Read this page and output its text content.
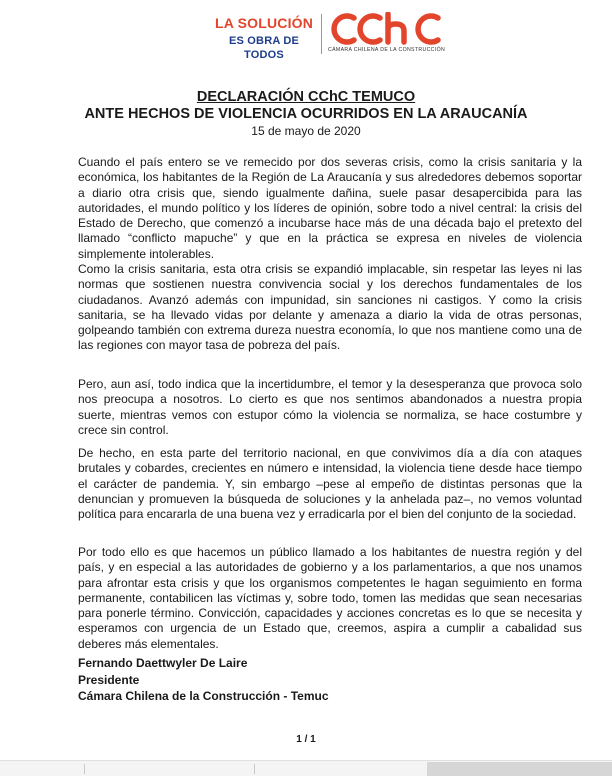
LA SOLUCIÓN
ES OBRA DE TODOS	CÁMARA CHILENA DE LA CONSTRUCCIÓN
DECLARACIÓN CChC TEMUCO
ANTE HECHOS DE VIOLENCIA OCURRIDOS EN LA ARAUCANÍA
15 de mayo de 2020
Cuando el país entero se ve remecido por dos severas crisis, como la crisis sanitaria y la económica, los habitantes de la Región de La Araucanía y sus alrededores debemos soportar a diario otra crisis que, siendo igualmente dañina, suele pasar desapercibida para las autoridades, el mundo político y los líderes de opinión, sobre todo a nivel central: la crisis del Estado de Derecho, que comenzó a incubarse hace más de una década bajo el pretexto del llamado “conflicto mapuche” y que en la práctica se expresa en niveles de violencia simplemente intolerables.
Como la crisis sanitaria, esta otra crisis se expandió implacable, sin respetar las leyes ni las normas que sostienen nuestra convivencia social y los derechos fundamentales de los ciudadanos. Avanzó además con impunidad, sin sanciones ni castigos. Y como la crisis sanitaria, se ha llevado vidas por delante y amenaza a diario la vida de otras personas, golpeando también con extrema dureza nuestra economía, lo que nos mantiene como una de las regiones con mayor tasa de pobreza del país.
Pero, aun así, todo indica que la incertidumbre, el temor y la desesperanza que provoca solo nos preocupa a nosotros. Lo cierto es que nos sentimos abandonados a nuestra propia suerte, mientras vemos con estupor cómo la violencia se normaliza, se hace costumbre y crece sin control.
De hecho, en esta parte del territorio nacional, en que convivimos día a día con ataques brutales y cobardes, crecientes en número e intensidad, la violencia tiene desde hace tiempo el carácter de pandemia. Y, sin embargo –pese al empeño de distintas personas que la denuncian y promueven la búsqueda de soluciones y la anhelada paz–, no vemos voluntad política para encararla de una buena vez y erradicarla por el bien del conjunto de la sociedad.
Por todo ello es que hacemos un público llamado a los habitantes de nuestra región y del país, y en especial a las autoridades de gobierno y a los parlamentarios, a que nos unamos para afrontar esta crisis y que los organismos competentes le hagan seguimiento en forma permanente, contabilicen las víctimas y, sobre todo, tomen las medidas que sean necesarias para ponerle término. Convicción, capacidades y acciones concretas es lo que se necesita y esperamos con urgencia de un Estado que, creemos, aspira a cumplir a cabalidad sus deberes más elementales.
Fernando Daettwyler De Laire
Presidente
Cámara Chilena de la Construcción - Temuc
1 / 1
